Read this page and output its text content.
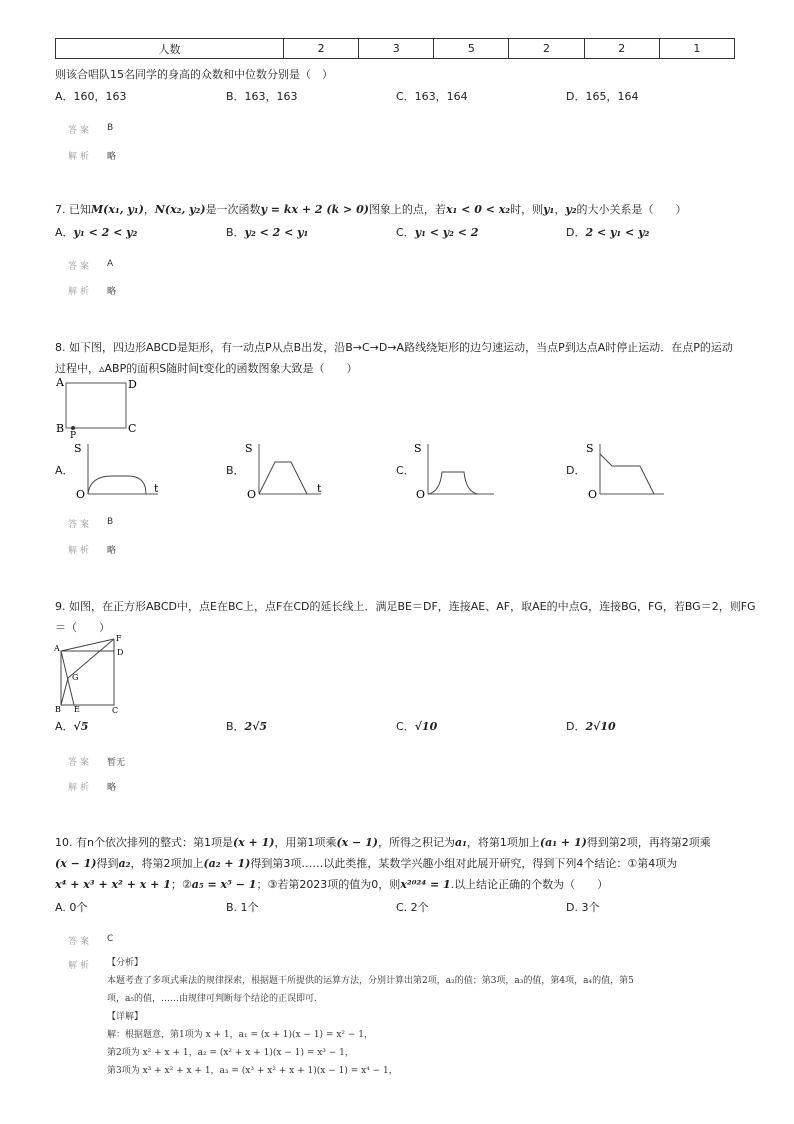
人数	2	3	5	2	2	1
则该合唱队15名同学的身高的众数和中位数分别是（　）
A．160，163	B．163，163	C．163，164	D．165，164
答案 B
解析 略
7. 已知M(x₁, y₁)，N(x₂, y₂)是一次函数y = kx + 2 (k > 0)图象上的点，若x₁ < 0 < x₂时，则y₁，y₂的大小关系是（　　）
A．y₁ < 2 < y₂	B．y₂ < 2 < y₁	C．y₁ < y₂ < 2	D．2 < y₁ < y₂
答案 A
解析 略
8. 如下图，四边形ABCD是矩形，有一动点P从点B出发，沿B→C→D→A路线绕矩形的边匀速运动，当点P到达点A时停止运动．在点P的运动
过程中，▵ABP的面积S随时间t变化的函数图象大致是（　　）
A	D
B	C
P
A．
S
O	t
B．
S
O	t
C．
S
O
D．
S
O
答案 B
解析 略
9. 如图，在正方形ABCD中，点E在BC上，点F在CD的延长线上．满足BE＝DF，连接AE、AF，取AE的中点G，连接BG，FG，若BG＝2，则FG
＝（　　）
A	D
F
G
B E	C
A．√5	B．2√5	C．√10	D．2√10
答案 暂无
解析 略
10. 有n个依次排列的整式：第1项是(x + 1)，用第1项乘(x − 1)，所得之积记为a₁，将第1项加上(a₁ + 1)得到第2项，再将第2项乘
(x − 1)得到a₂，将第2项加上(a₂ + 1)得到第3项……以此类推，某数学兴趣小组对此展开研究，得到下列4个结论：①第4项为
x⁴ + x³ + x² + x + 1；②a₅ = x⁵ − 1；③若第2023项的值为0，则x²⁰²⁴ = 1.以上结论正确的个数为（　　）
A. 0个	B. 1个	C. 2个	D. 3个
答案 C
解析 【分析】
本题考查了多项式乘法的规律探索，根据题干所提供的运算方法，分别计算出第2项，a₂的值；第3项，a₃的值，第4项，a₄的值，第5
项，a₅的值，……由规律可判断每个结论的正误即可.
【详解】
解：根据题意，第1项为 x + 1，a₁ = (x + 1)(x − 1) = x² − 1，
第2项为 x² + x + 1，a₂ = (x² + x + 1)(x − 1) = x³ − 1，
第3项为 x³ + x² + x + 1，a₃ = (x³ + x² + x + 1)(x − 1) = x⁴ − 1，
